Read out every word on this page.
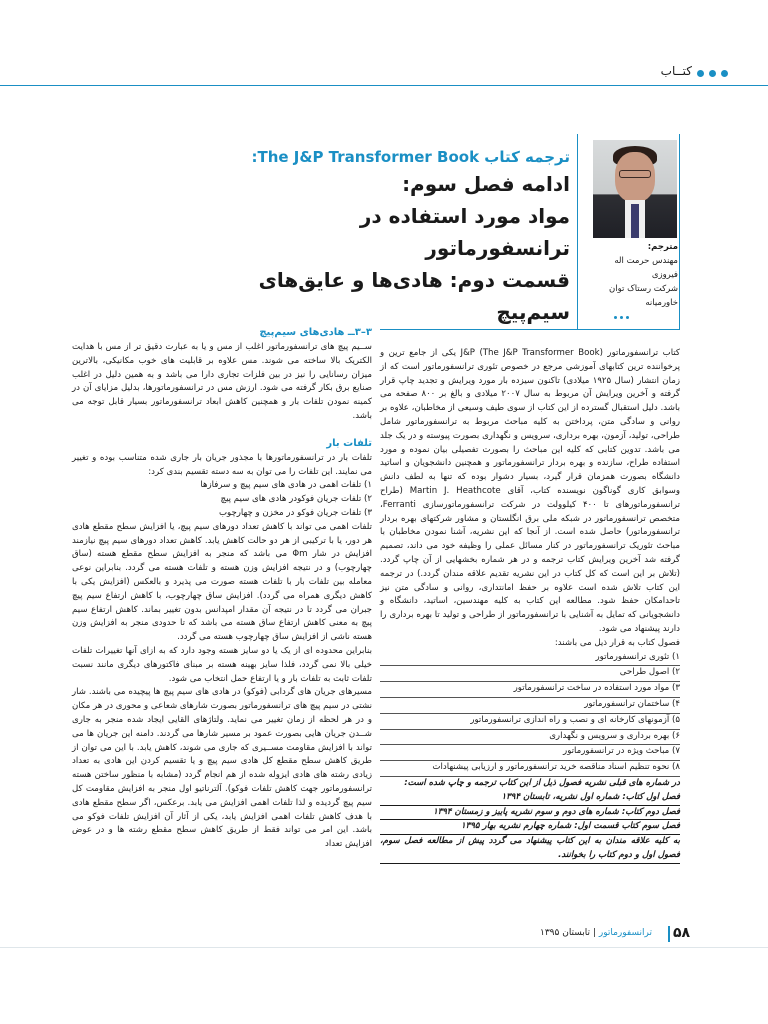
کتــاب
ترجمه کتاب The J&P Transformer Book:
ادامه فصل سوم:
مواد مورد استفاده در ترانسفورماتور
قسمت دوم: هادی‌ها و عایق‌های سیم‌پیچ
مترجم:
مهندس حرمت اله
فیروزی
شرکت رستاک توان
خاورمیانه

کتاب ترانسفورماتور J&P (The J&P Transformer Book) یکی از جامع ترین و پرخواننده ترین کتابهای آموزشی مرجع در خصوص تئوری ترانسفورماتور است که از زمان انتشار (سال ۱۹۲۵ میلادی) تاکنون سیزده بار مورد ویرایش و تجدید چاپ قرار گرفته و آخرین ویرایش آن مربوط به سال ۲۰۰۷ میلادی و بالغ بر ۸۰۰ صفحه می باشد. دلیل استقبال گسترده از این کتاب از سوی طیف وسیعی از مخاطبان، علاوه بر روانی و سادگی متن، پرداختن به کلیه مباحث مربوط به ترانسفورماتور شامل طراحی، تولید، آزمون، بهره برداری، سرویس و نگهداری بصورت پیوسته و در یک جلد می باشد. تدوین کتابی که کلیه این مباحث را بصورت تفصیلی بیان نموده و مورد استفاده طراح، سازنده و بهره بردار ترانسفورماتور و همچنین دانشجویان و اساتید دانشگاه بصورت همزمان قرار گیرد، بسیار دشوار بوده که تنها به لطف دانش وسوابق کاری گوناگون نویسنده کتاب، آقای Martin J. Heathcote (طراح ترانسفورماتورهای تا ۴۰۰ کیلوولت در شرکت ترانسفورماتورسازی Ferranti، متخصص ترانسفورماتور در شبکه ملی برق انگلستان و مشاور شرکتهای بهره بردار ترانسفورماتور) حاصل شده است. از آنجا که این نشریه، آشنا نمودن مخاطبان با مباحث تئوریک ترانسفورماتور در کنار مسائل عملی را وظیفه خود می داند، تصمیم گرفته شد آخرین ویرایش کتاب ترجمه و در هر شماره بخشهایی از آن چاپ گردد. (تلاش بر این است که کل کتاب در این نشریه تقدیم علاقه مندان گردد.) در ترجمه این کتاب تلاش شده است علاوه بر حفظ امانتداری، روانی و سادگی متن نیز تاحدامکان حفظ شود. مطالعه این کتاب به کلیه مهندسین، اساتید، دانشگاه و دانشجویانی که تمایل به آشنایی با ترانسفورماتور از طراحی و تولید تا بهره برداری را دارند پیشنهاد می شود.

فصول کتاب به قرار ذیل می باشند:

۱) تئوری ترانسفورماتور
۲) اصول طراحی
۳) مواد مورد استفاده در ساخت ترانسفورماتور
۴) ساختمان ترانسفورماتور
۵) آزمونهای کارخانه ای و نصب و راه اندازی ترانسفورماتور
۶) بهره برداری و سرویس و نگهداری
۷) مباحث ویژه در ترانسفورماتور
۸) نحوه تنظیم اسناد مناقصه خرید ترانسفورماتور و ارزیابی پیشنهادات
در شماره های قبلی نشریه فصول ذیل از این کتاب ترجمه و چاپ شده است:
فصل اول کتاب: شماره اول نشریه، تابستان ۱۳۹۴
فصل دوم کتاب: شماره های دوم و سوم نشریه پاییز و زمستان ۱۳۹۴
فصل سوم کتاب قسمت اول: شماره چهارم نشریه بهار ۱۳۹۵
به کلیه علاقه مندان به این کتاب پیشنهاد می گردد پیش از مطالعه فصل سوم، فصول اول و دوم کتاب را بخوانند.
۳–۳ــ هادی‌های سیم‌پیچ

ســیم پیچ های ترانسفورماتور اغلب از مس و یا به عبارت دقیق تر از مس با هدایت الکتریک بالا ساخته می شوند. مس علاوه بر قابلیت های خوب مکانیکی، بالاترین میزان رسانایی را نیز در بین فلزات تجاری دارا می باشد و به همین دلیل در اغلب صنایع برق بکار گرفته می شود. ارزش مس در ترانسفورماتورها، بدلیل مزایای آن در کمینه نمودن تلفات بار و همچنین کاهش ابعاد ترانسفورماتور بسیار قابل توجه می باشد.

تلفات بار

تلفات بار در ترانسفورماتورها با مجذور جریان بار جاری شده متناسب بوده و تغییر می نمایند. این تلفات را می توان به سه دسته تقسیم بندی کرد:

۱) تلفات اهمی در هادی های سیم پیچ و سرفازها
۲) تلفات جریان فوکودر هادی های سیم پیچ
۳) تلفات جریان فوکو در مخزن و چهارچوب

تلفات اهمی می تواند با کاهش تعداد دورهای سیم پیچ، یا افزایش سطح مقطع هادی هر دور، یا با ترکیبی از هر دو حالت کاهش یابد. کاهش تعداد دورهای سیم پیچ نیازمند افزایش در شار Φm می باشد که منجر به افزایش سطح مقطع هسته (ساق چهارچوب) و در نتیجه افزایش وزن هسته و تلفات هسته می گردد. بنابراین نوعی معامله بین تلفات بار با تلفات هسته صورت می پذیرد و بالعکس (افزایش یکی با کاهش دیگری همراه می گردد). افزایش ساق چهارچوب، با کاهش ارتفاع سیم پیچ جبران می گردد تا در نتیجه آن مقدار امپدانس بدون تغییر بماند. کاهش ارتفاع سیم پیچ به معنی کاهش ارتفاع ساق هسته می باشد که تا حدودی منجر به افزایش وزن هسته ناشی از افزایش ساق چهارچوب هسته می گردد.

بنابراین محدوده ای از یک یا دو سایز هسته وجود دارد که به ازای آنها تغییرات تلفات خیلی بالا نمی گردد، فلذا سایز بهینه هسته بر مبنای فاکتورهای دیگری مانند نسبت تلفات ثابت به تلفات بار و یا ارتفاع حمل انتخاب می شود.

مسیرهای جریان های گردابی (فوکو) در هادی های سیم پیچ ها پیچیده می باشند. شار نشتی در سیم پیچ های ترانسفورماتور بصورت شارهای شعاعی و محوری در هر مکان و در هر لحظه از زمان تغییر می نماید. ولتاژهای القایی ایجاد شده منجر به جاری شــدن جریان هایی بصورت عمود بر مسیر شارها می گردند. دامنه این جریان ها می تواند با افزایش مقاومت مســیری که جاری می شوند، کاهش یابد. با این می توان از طریق کاهش سطح مقطع کل هادی سیم پیچ و یا تقسیم کردن این هادی به تعداد زیادی رشته های هادی ایزوله شده از هم انجام گردد (مشابه با منظور ساختن هسته ترانسفورماتور جهت کاهش تلفات فوکو). آلترناتیو اول منجر به افزایش مقاومت کل سیم پیچ گردیده و لذا تلفات اهمی افزایش می یابد. برعکس، اگر سطح مقطع هادی با هدف کاهش تلفات اهمی افزایش یابد، یکی از آثار آن افزایش تلفات فوکو می باشد. این امر می تواند فقط از طریق کاهش سطح مقطع رشته ها و در عوض افزایش تعداد

۵۸
ترانسفورماتور | تابستان ۱۳۹۵
